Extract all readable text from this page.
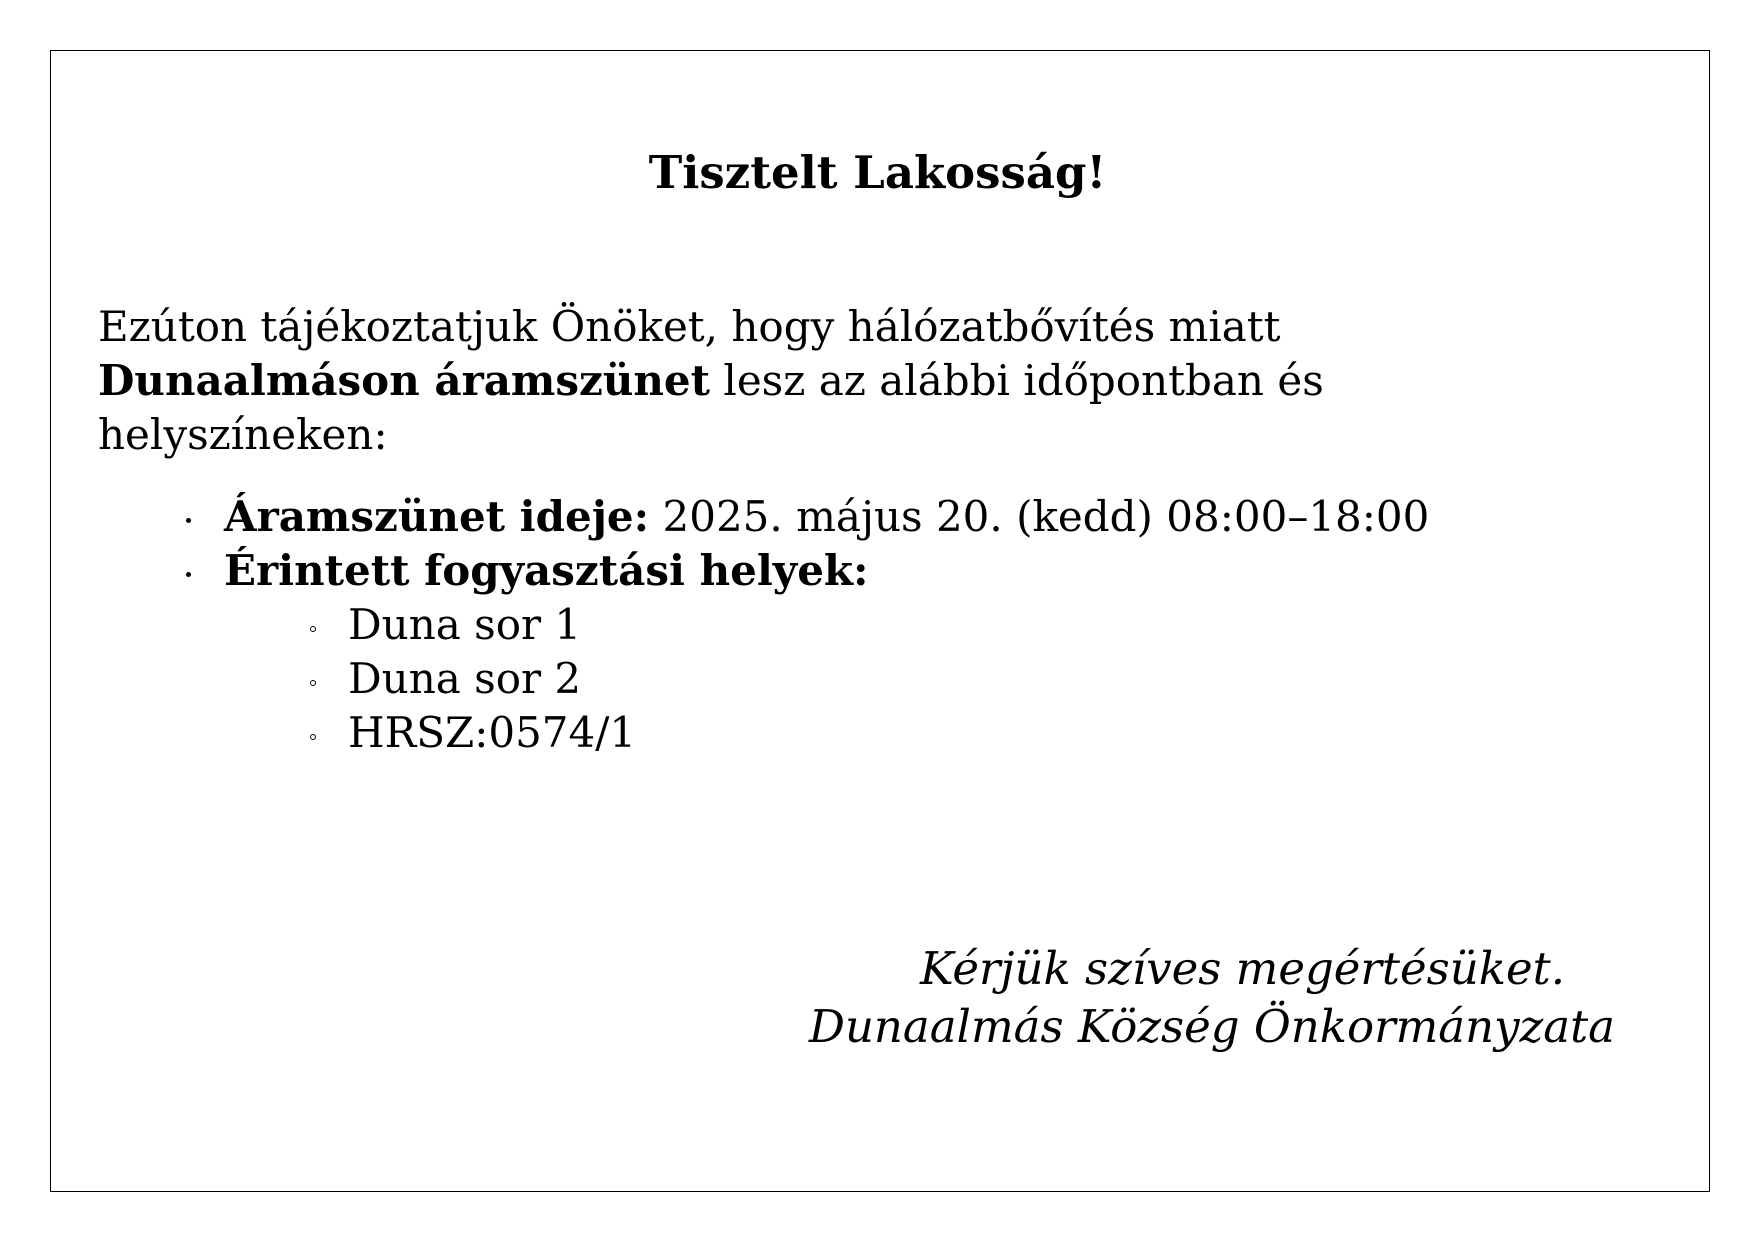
Tisztelt Lakosság!
Ezúton tájékoztatjuk Önöket, hogy hálózatbővítés miatt
Dunaalmáson áramszünet lesz az alábbi időpontban és
helyszíneken:
Áramszünet ideje: 2025. május 20. (kedd) 08:00–18:00
Érintett fogyasztási helyek:
Duna sor 1
Duna sor 2
HRSZ:0574/1
Kérjük szíves megértésüket.
Dunaalmás Község Önkormányzata
